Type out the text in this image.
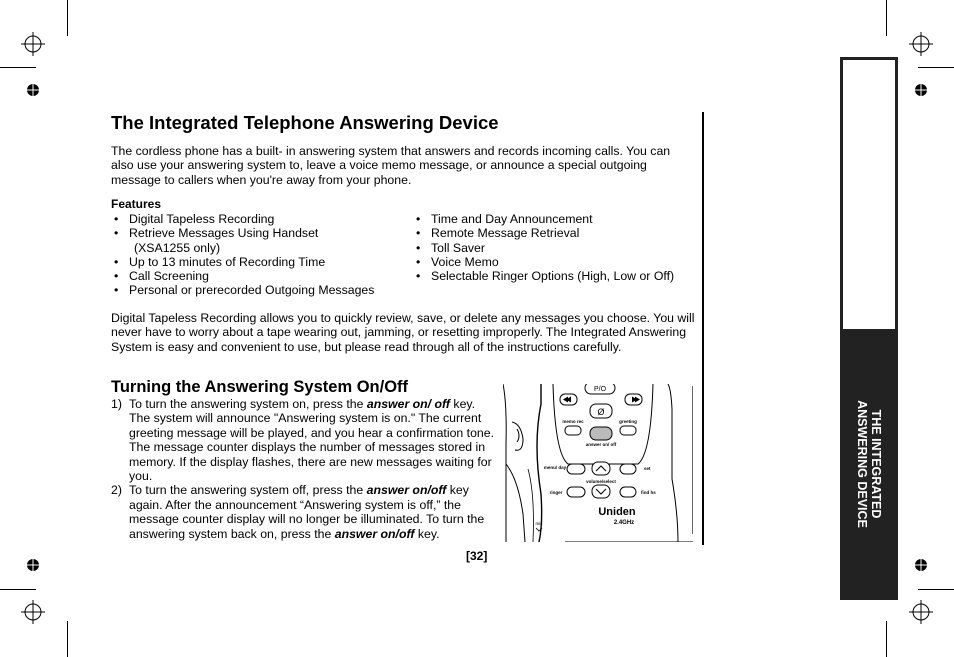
The Integrated Telephone Answering Device
The cordless phone has a built- in answering system that answers and records incoming calls. You can also use your answering system to, leave a voice memo message, or announce a special outgoing message to callers when you're away from your phone.
Features
• Digital Tapeless Recording
• Retrieve Messages Using Handset
(XSA1255 only)
• Up to 13 minutes of Recording Time
• Call Screening
• Personal or prerecorded Outgoing Messages
• Time and Day Announcement
• Remote Message Retrieval
• Toll Saver
• Voice Memo
• Selectable Ringer Options (High, Low or Off)
Digital Tapeless Recording allows you to quickly review, save, or delete any messages you choose. You will never have to worry about a tape wearing out, jamming, or resetting improperly. The Integrated Answering System is easy and convenient to use, but please read through all of the instructions carefully.
Turning the Answering System On/Off
1) To turn the answering system on, press the answer on/ off key. The system will announce "Answering system is on." The current greeting message will be played, and you hear a confirmation tone. The message counter displays the number of messages stored in memory. If the display flashes, there are new messages waiting for you.
2) To turn the answering system off, press the answer on/off key again. After the announcement “Answering system is off,” the message counter display will no longer be illuminated. To turn the answering system back on, press the answer on/off key.
[32]
THE INTEGRATED
ANSWERING DEVICE
P/O
Ø
memo rec	greeting
answer on/ off
menu/ day	set
volume/select
ringer	find hs
Uniden
2.4GHz
mic
